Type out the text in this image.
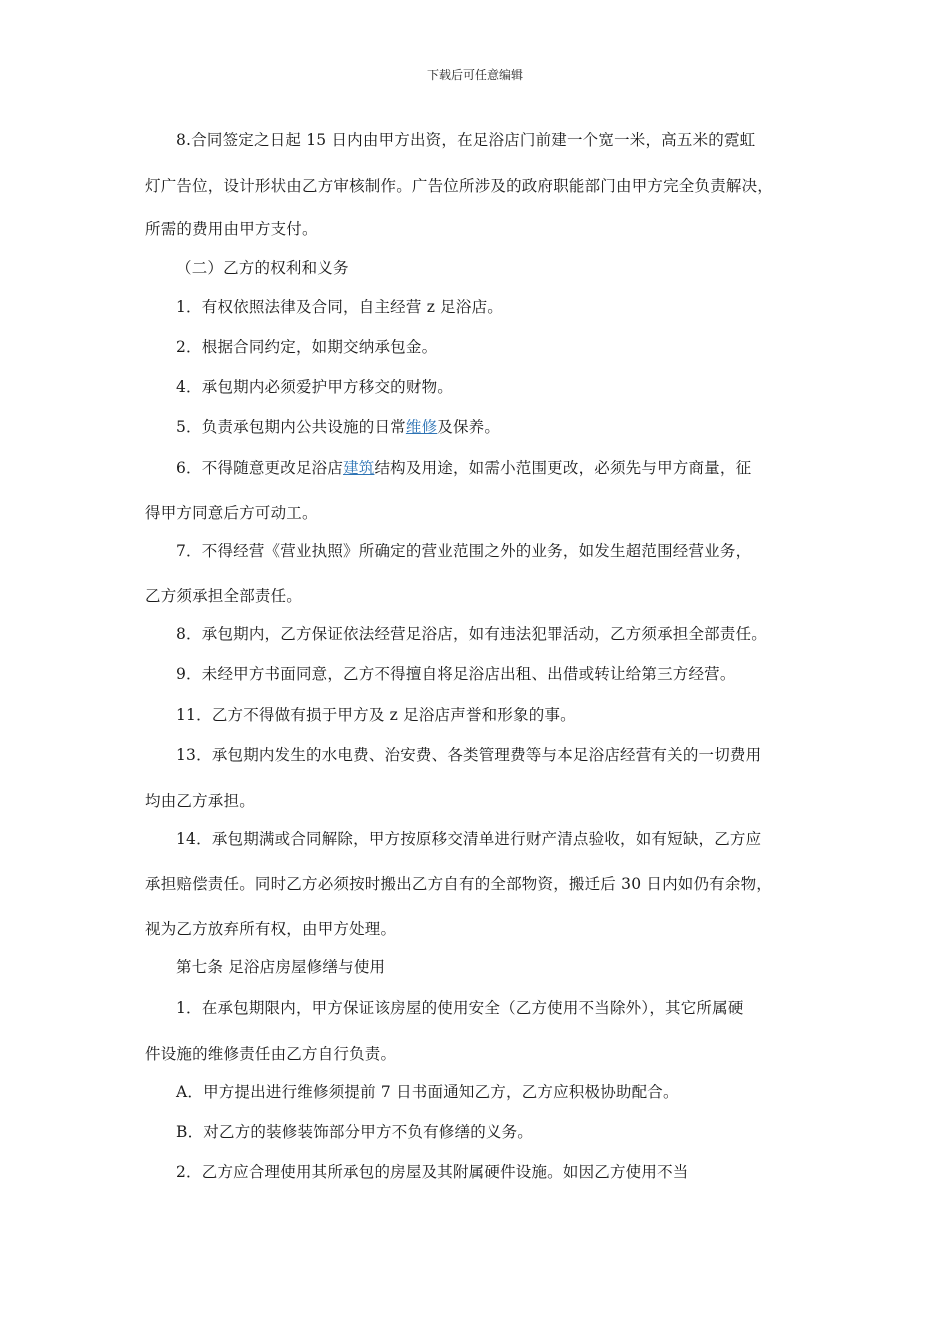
下载后可任意编辑
8.合同签定之日起 15 日内由甲方出资，在足浴店门前建一个宽一米，高五米的霓虹
灯广告位，设计形状由乙方审核制作。广告位所涉及的政府职能部门由甲方完全负责解决，
所需的费用由甲方支付。
（二）乙方的权利和义务
1．有权依照法律及合同，自主经营 z 足浴店。
2．根据合同约定，如期交纳承包金。
4．承包期内必须爱护甲方移交的财物。
5．负责承包期内公共设施的日常维修及保养。
6．不得随意更改足浴店建筑结构及用途，如需小范围更改，必须先与甲方商量，征
得甲方同意后方可动工。
7．不得经营《营业执照》所确定的营业范围之外的业务，如发生超范围经营业务，
乙方须承担全部责任。
8．承包期内，乙方保证依法经营足浴店，如有违法犯罪活动，乙方须承担全部责任。
9．未经甲方书面同意，乙方不得擅自将足浴店出租、出借或转让给第三方经营。
11．乙方不得做有损于甲方及 z 足浴店声誉和形象的事。
13．承包期内发生的水电费、治安费、各类管理费等与本足浴店经营有关的一切费用
均由乙方承担。
14．承包期满或合同解除，甲方按原移交清单进行财产清点验收，如有短缺，乙方应
承担赔偿责任。同时乙方必须按时搬出乙方自有的全部物资，搬迁后 30 日内如仍有余物，
视为乙方放弃所有权，由甲方处理。
第七条 足浴店房屋修缮与使用
1．在承包期限内，甲方保证该房屋的使用安全（乙方使用不当除外），其它所属硬
件设施的维修责任由乙方自行负责。
A．甲方提出进行维修须提前 7 日书面通知乙方，乙方应积极协助配合。
B．对乙方的装修装饰部分甲方不负有修缮的义务。
2．乙方应合理使用其所承包的房屋及其附属硬件设施。如因乙方使用不当
